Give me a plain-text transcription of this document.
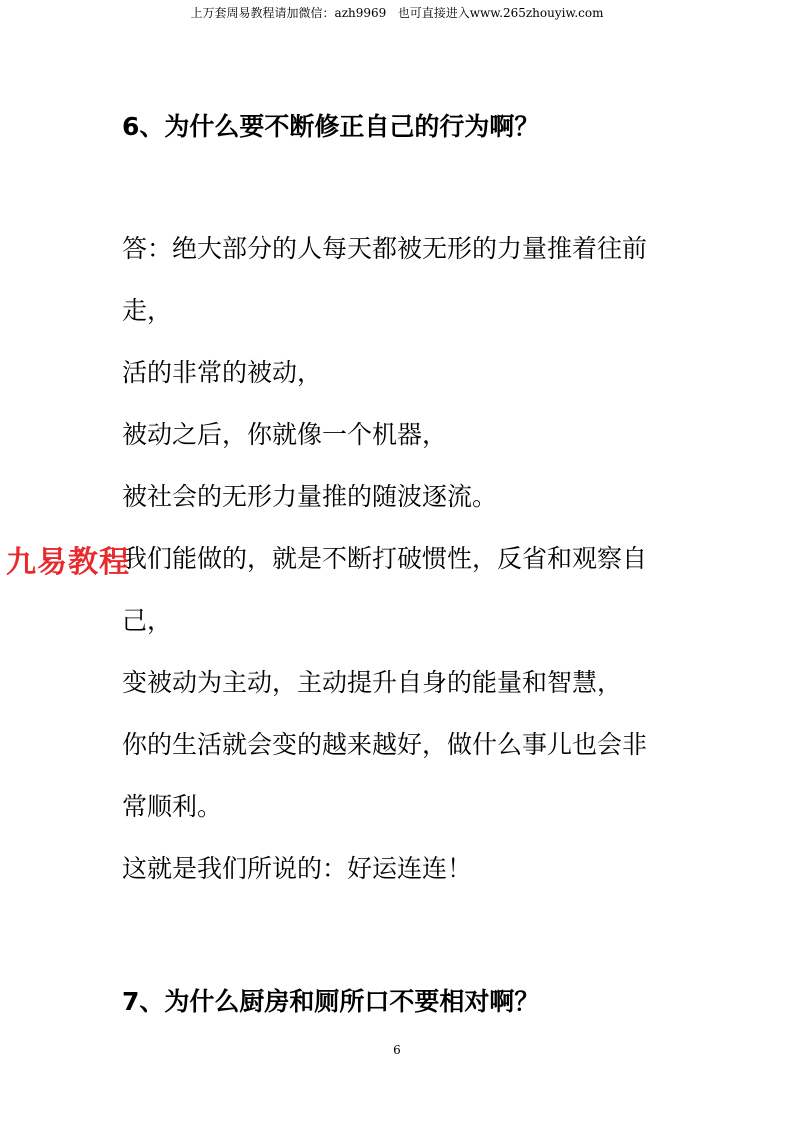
上万套周易教程请加微信：azh9969   也可直接进入www.265zhouyiw.com
6、为什么要不断修正自己的行为啊？
答：绝大部分的人每天都被无形的力量推着往前
走，
活的非常的被动，
被动之后，你就像一个机器，
被社会的无形力量推的随波逐流。
我们能做的，就是不断打破惯性，反省和观察自
己，
变被动为主动，主动提升自身的能量和智慧，
你的生活就会变的越来越好，做什么事儿也会非
常顺利。
这就是我们所说的：好运连连！
九易教程
7、为什么厨房和厕所口不要相对啊？
6
